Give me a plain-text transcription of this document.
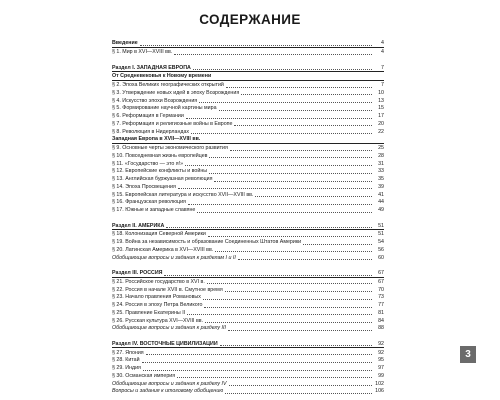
СОДЕРЖАНИЕ
Введение	4
§ 1. Мир в XVI—XVIII вв.	4
Раздел I. ЗАПАДНАЯ ЕВРОПА	7
От Средневековья к Новому времени
§ 2. Эпоха Великих географических открытий	7
§ 3. Утверждение новых идей в эпоху Возрождения	10
§ 4. Искусство эпохи Возрождения	13
§ 5. Формирование научной картины мира	15
§ 6. Реформация в Германии	17
§ 7. Реформация и религиозные войны в Европе	20
§ 8. Революция в Нидерландах	22
Западная Европа в XVII—XVIII вв.
§ 9. Основные черты экономического развития	25
§ 10. Повседневная жизнь европейцев	28
§ 11. «Государство — это я!»	31
§ 12. Европейские конфликты и войны	33
§ 13. Английская буржуазная революция	35
§ 14. Эпоха Просвещения	39
§ 15. Европейская литература и искусство XVII—XVIII вв.	41
§ 16. Французская революция	44
§ 17. Южные и западные славяне	49
Раздел II. АМЕРИКА	51
§ 18. Колонизация Северной Америки	51
§ 19. Война за независимость и образование Соединенных Штатов Америки	54
§ 20. Латинская Америка в XVI—XVIII вв.	56
Обобщающие вопросы и задания к разделам I и II	60
Раздел III. РОССИЯ	67
§ 21. Российское государство в XVI в.	67
§ 22. Россия в начале XVII в. Смутное время	70
§ 23. Начало правления Романовых	73
§ 24. Россия в эпоху Петра Великого	77
§ 25. Правление Екатерины II	81
§ 26. Русская культура XVI—XVIII вв.	84
Обобщающие вопросы и задания к разделу III	88
Раздел IV. ВОСТОЧНЫЕ ЦИВИЛИЗАЦИИ	92
§ 27. Япония	92
§ 28. Китай	95
§ 29. Индия	97
§ 30. Османская империя	99
Обобщающие вопросы и задания к разделу IV	102
Вопросы и задания к итоговому обобщению	106
3
